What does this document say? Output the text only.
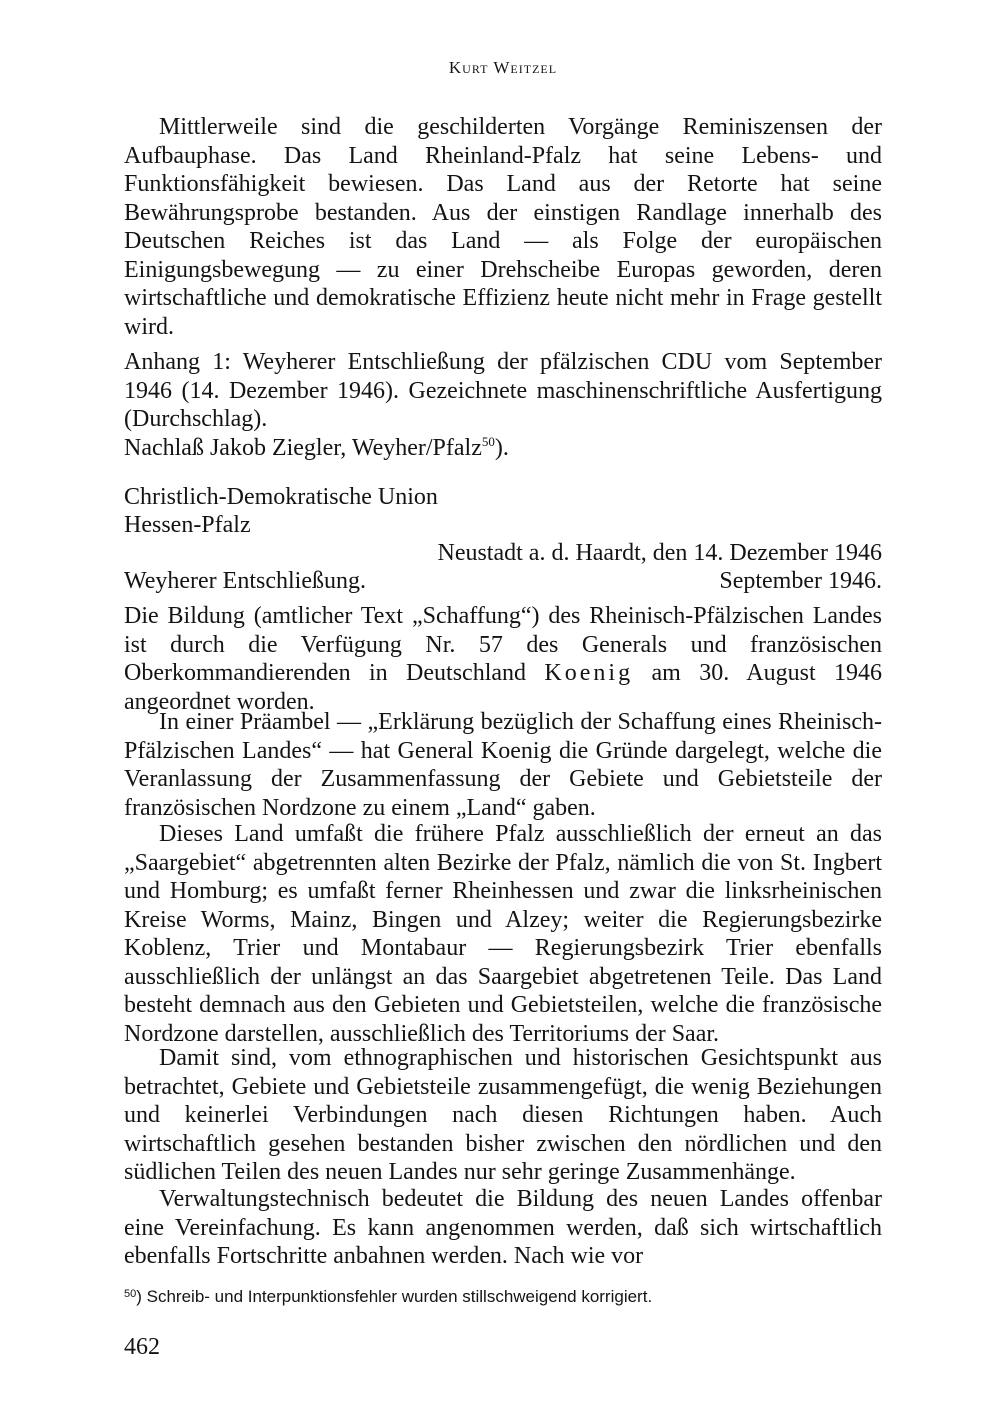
Kurt Weitzel

Mittlerweile sind die geschilderten Vorgänge Reminiszensen der Aufbauphase. Das Land Rheinland-Pfalz hat seine Lebens- und Funktionsfähigkeit bewiesen. Das Land aus der Retorte hat seine Bewährungsprobe bestanden. Aus der einstigen Randlage innerhalb des Deutschen Reiches ist das Land — als Folge der europäischen Einigungsbewegung — zu einer Drehscheibe Europas geworden, deren wirtschaftliche und demokratische Effizienz heute nicht mehr in Frage gestellt wird.

Anhang 1: Weyherer Entschließung der pfälzischen CDU vom September 1946 (14. Dezember 1946). Gezeichnete maschinenschriftliche Ausfertigung (Durchschlag).

Nachlaß Jakob Ziegler, Weyher/Pfalz$^{50}$).
Christlich-Demokratische Union
Hessen-Pfalz
Neustadt a. d. Haardt, den 14. Dezember 1946
Weyherer Entschließung.	September 1946.

Die Bildung (amtlicher Text „Schaffung“) des Rheinisch-Pfälzischen Landes ist durch die Verfügung Nr. 57 des Generals und französischen Oberkommandierenden in Deutschland Koenig am 30. August 1946 angeordnet worden.

In einer Präambel — „Erklärung bezüglich der Schaffung eines Rheinisch-Pfälzischen Landes“ — hat General Koenig die Gründe dargelegt, welche die Veranlassung der Zusammenfassung der Gebiete und Gebietsteile der französischen Nordzone zu einem „Land“ gaben.

Dieses Land umfaßt die frühere Pfalz ausschließlich der erneut an das „Saargebiet“ abgetrennten alten Bezirke der Pfalz, nämlich die von St. Ingbert und Homburg; es umfaßt ferner Rheinhessen und zwar die linksrheinischen Kreise Worms, Mainz, Bingen und Alzey; weiter die Regierungsbezirke Koblenz, Trier und Montabaur — Regierungsbezirk Trier ebenfalls ausschließlich der unlängst an das Saargebiet abgetretenen Teile. Das Land besteht demnach aus den Gebieten und Gebietsteilen, welche die französische Nordzone darstellen, ausschließlich des Territoriums der Saar.

Damit sind, vom ethnographischen und historischen Gesichtspunkt aus betrachtet, Gebiete und Gebietsteile zusammengefügt, die wenig Beziehungen und keinerlei Verbindungen nach diesen Richtungen haben. Auch wirtschaftlich gesehen bestanden bisher zwischen den nördlichen und den südlichen Teilen des neuen Landes nur sehr geringe Zusammenhänge.

Verwaltungstechnisch bedeutet die Bildung des neuen Landes offenbar eine Vereinfachung. Es kann angenommen werden, daß sich wirtschaftlich ebenfalls Fortschritte anbahnen werden. Nach wie vor

$^{50}$) Schreib- und Interpunktionsfehler wurden stillschweigend korrigiert.
462
